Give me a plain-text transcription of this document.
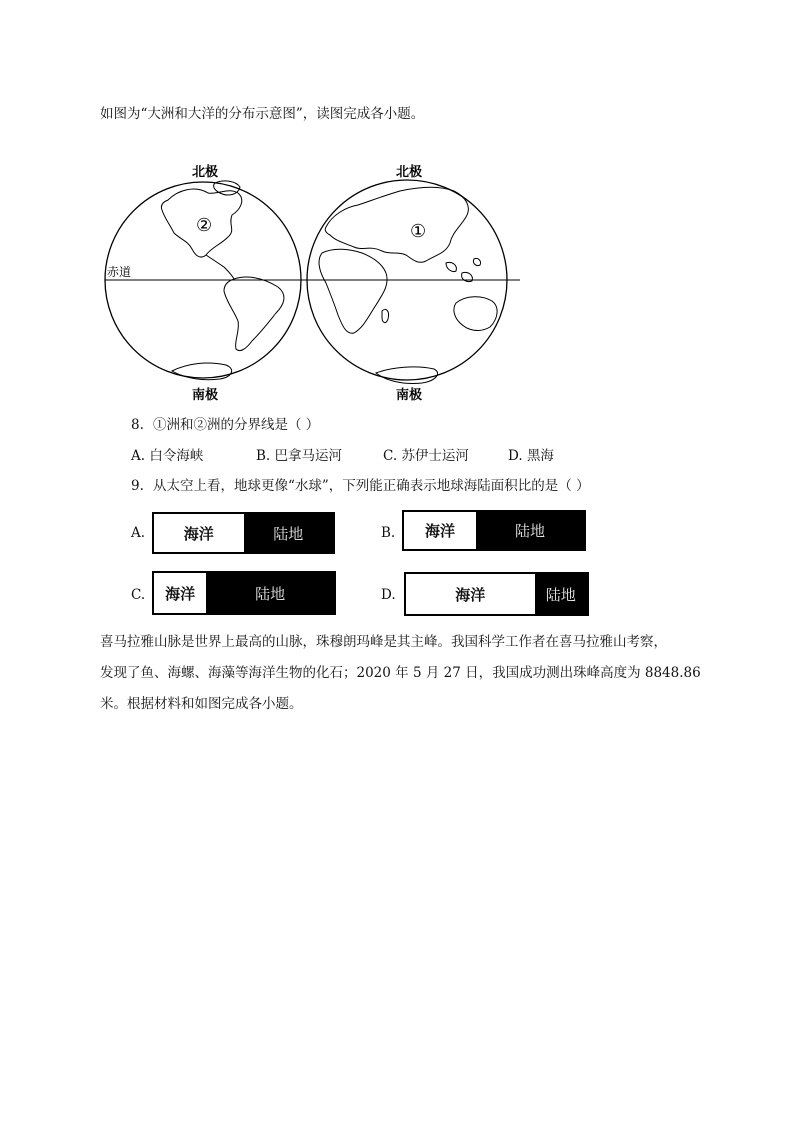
如图为“大洲和大洋的分布示意图”，读图完成各小题。
北极	北极
南极	南极
赤道
①
②
8. ①洲和②洲的分界线是（ ）
A. 白令海峡	B. 巴拿马运河	C. 苏伊士运河	D. 黑海
9. 从太空上看，地球更像“水球”，下列能正确表示地球海陆面积比的是（ ）
A.	海洋	陆地	B.	海洋	陆地
C.	海洋	陆地	D.	海洋	陆地
喜马拉雅山脉是世界上最高的山脉，珠穆朗玛峰是其主峰。我国科学工作者在喜马拉雅山考察，
发现了鱼、海螺、海藻等海洋生物的化石；2020 年 5 月 27 日，我国成功测出珠峰高度为 8848.86
米。根据材料和如图完成各小题。
